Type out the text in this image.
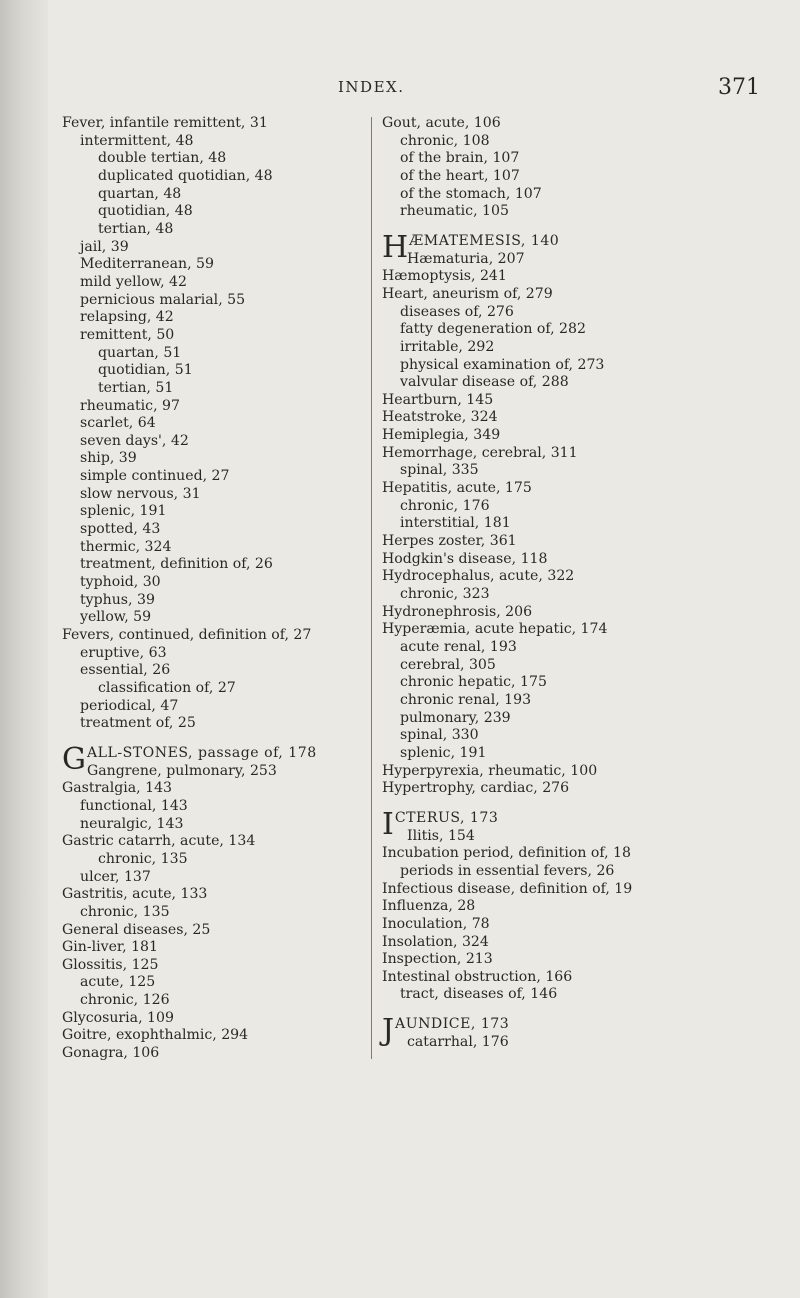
INDEX.	371
Fever, infantile remittent, 31
intermittent, 48
double tertian, 48
duplicated quotidian, 48
quartan, 48
quotidian, 48
tertian, 48
jail, 39
Mediterranean, 59
mild yellow, 42
pernicious malarial, 55
relapsing, 42
remittent, 50
quartan, 51
quotidian, 51
tertian, 51
rheumatic, 97
scarlet, 64
seven days', 42
ship, 39
simple continued, 27
slow nervous, 31
splenic, 191
spotted, 43
thermic, 324
treatment, definition of, 26
typhoid, 30
typhus, 39
yellow, 59
Fevers, continued, definition of, 27
eruptive, 63
essential, 26
classification of, 27
periodical, 47
treatment of, 25
GALL-STONES, passage of, 178
Gangrene, pulmonary, 253
Gastralgia, 143
functional, 143
neuralgic, 143
Gastric catarrh, acute, 134
chronic, 135
ulcer, 137
Gastritis, acute, 133
chronic, 135
General diseases, 25
Gin-liver, 181
Glossitis, 125
acute, 125
chronic, 126
Glycosuria, 109
Goitre, exophthalmic, 294
Gonagra, 106
Gout, acute, 106
chronic, 108
of the brain, 107
of the heart, 107
of the stomach, 107
rheumatic, 105
HÆMATEMESIS, 140
Hæmaturia, 207
Hæmoptysis, 241
Heart, aneurism of, 279
diseases of, 276
fatty degeneration of, 282
irritable, 292
physical examination of, 273
valvular disease of, 288
Heartburn, 145
Heatstroke, 324
Hemiplegia, 349
Hemorrhage, cerebral, 311
spinal, 335
Hepatitis, acute, 175
chronic, 176
interstitial, 181
Herpes zoster, 361
Hodgkin's disease, 118
Hydrocephalus, acute, 322
chronic, 323
Hydronephrosis, 206
Hyperæmia, acute hepatic, 174
acute renal, 193
cerebral, 305
chronic hepatic, 175
chronic renal, 193
pulmonary, 239
spinal, 330
splenic, 191
Hyperpyrexia, rheumatic, 100
Hypertrophy, cardiac, 276
ICTERUS, 173
Ilitis, 154
Incubation period, definition of, 18
periods in essential fevers, 26
Infectious disease, definition of, 19
Influenza, 28
Inoculation, 78
Insolation, 324
Inspection, 213
Intestinal obstruction, 166
tract, diseases of, 146
JAUNDICE, 173
catarrhal, 176
